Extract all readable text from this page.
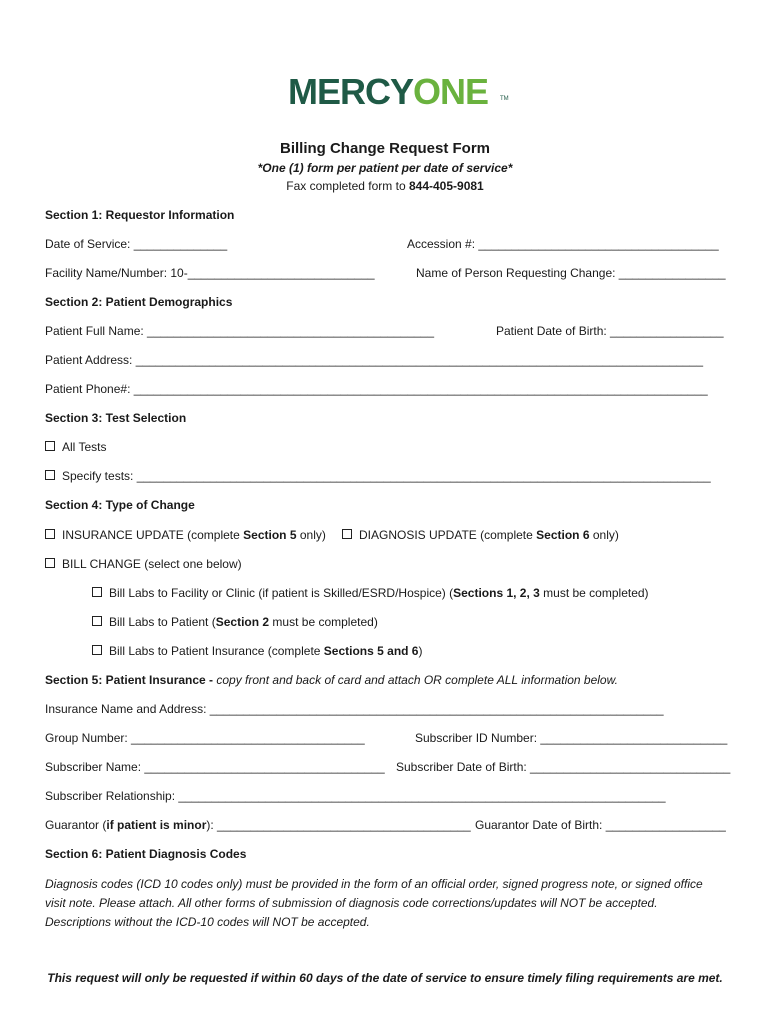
MERCYONE TM
Billing Change Request Form
*One (1) form per patient per date of service*
Fax completed form to 844-405-9081
Section 1: Requestor Information
Date of Service: ______________	Accession #: ____________________________________
Facility Name/Number: 10-____________________________	Name of Person Requesting Change: ________________
Section 2: Patient Demographics
Patient Full Name: ___________________________________________	Patient Date of Birth: _________________
Patient Address: _____________________________________________________________________________________
Patient Phone#: ______________________________________________________________________________________
Section 3: Test Selection
All Tests
Specify tests: ______________________________________________________________________________________
Section 4: Type of Change
INSURANCE UPDATE (complete Section 5 only)	DIAGNOSIS UPDATE (complete Section 6 only)
BILL CHANGE (select one below)
Bill Labs to Facility or Clinic (if patient is Skilled/ESRD/Hospice) (Sections 1, 2, 3 must be completed)
Bill Labs to Patient (Section 2 must be completed)
Bill Labs to Patient Insurance (complete Sections 5 and 6)
Section 5: Patient Insurance - copy front and back of card and attach OR complete ALL information below.
Insurance Name and Address: ____________________________________________________________________
Group Number: ___________________________________	Subscriber ID Number: ____________________________
Subscriber Name: ____________________________________ Subscriber Date of Birth: ______________________________
Subscriber Relationship: _________________________________________________________________________
Guarantor (if patient is minor): ______________________________________ Guarantor Date of Birth: __________________
Section 6: Patient Diagnosis Codes
Diagnosis codes (ICD 10 codes only) must be provided in the form of an official order, signed progress note, or signed office
visit note. Please attach. All other forms of submission of diagnosis code corrections/updates will NOT be accepted.
Descriptions without the ICD-10 codes will NOT be accepted.
This request will only be requested if within 60 days of the date of service to ensure timely filing requirements are met.
